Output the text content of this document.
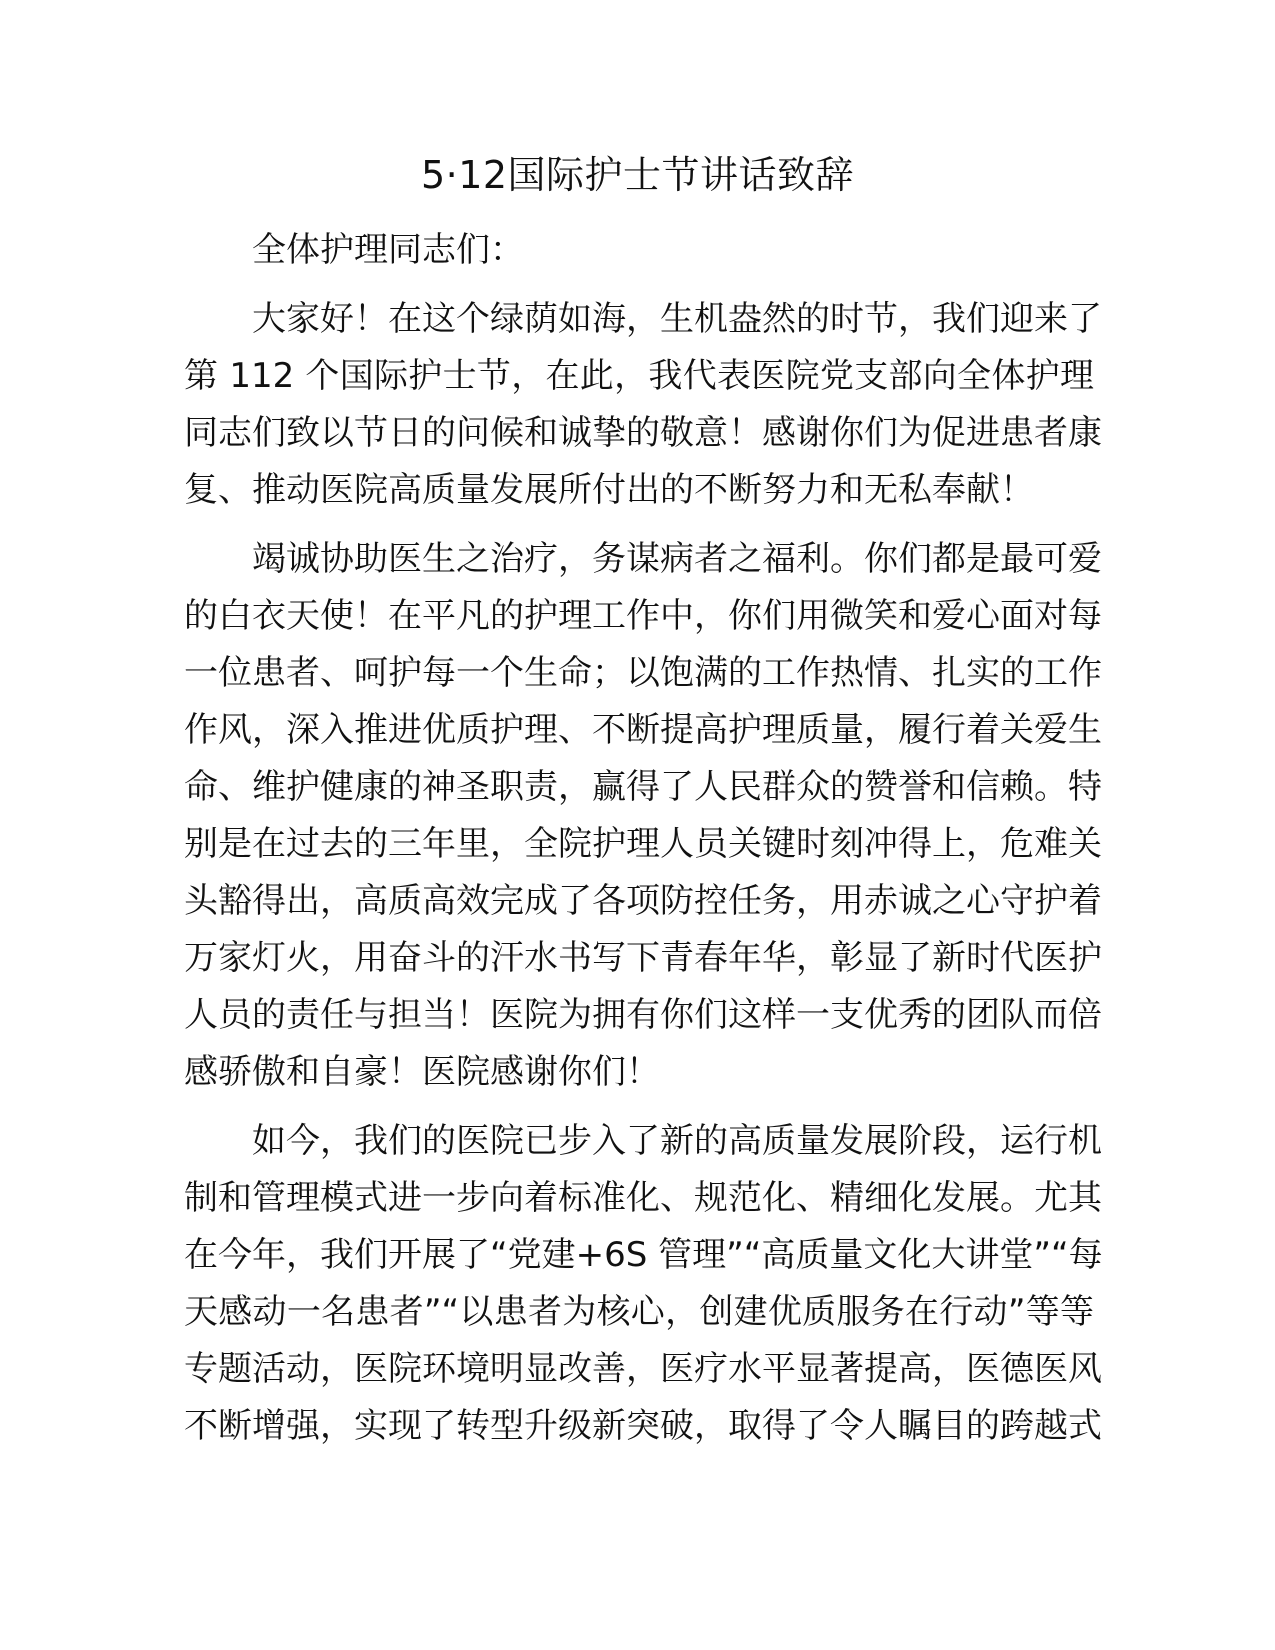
5·12国际护士节讲话致辞
全体护理同志们：
大家好！在这个绿荫如海，生机盎然的时节，我们迎来了
第 112 个国际护士节，在此，我代表医院党支部向全体护理
同志们致以节日的问候和诚挚的敬意！感谢你们为促进患者康
复、推动医院高质量发展所付出的不断努力和无私奉献！
竭诚协助医生之治疗，务谋病者之福利。你们都是最可爱
的白衣天使！在平凡的护理工作中，你们用微笑和爱心面对每
一位患者、呵护每一个生命；以饱满的工作热情、扎实的工作
作风，深入推进优质护理、不断提高护理质量，履行着关爱生
命、维护健康的神圣职责，赢得了人民群众的赞誉和信赖。特
别是在过去的三年里，全院护理人员关键时刻冲得上，危难关
头豁得出，高质高效完成了各项防控任务，用赤诚之心守护着
万家灯火，用奋斗的汗水书写下青春年华，彰显了新时代医护
人员的责任与担当！医院为拥有你们这样一支优秀的团队而倍
感骄傲和自豪！医院感谢你们！
如今，我们的医院已步入了新的高质量发展阶段，运行机
制和管理模式进一步向着标准化、规范化、精细化发展。尤其
在今年，我们开展了“党建+6S 管理”“高质量文化大讲堂”“每
天感动一名患者”“以患者为核心，创建优质服务在行动”等等
专题活动，医院环境明显改善，医疗水平显著提高，医德医风
不断增强，实现了转型升级新突破，取得了令人瞩目的跨越式
